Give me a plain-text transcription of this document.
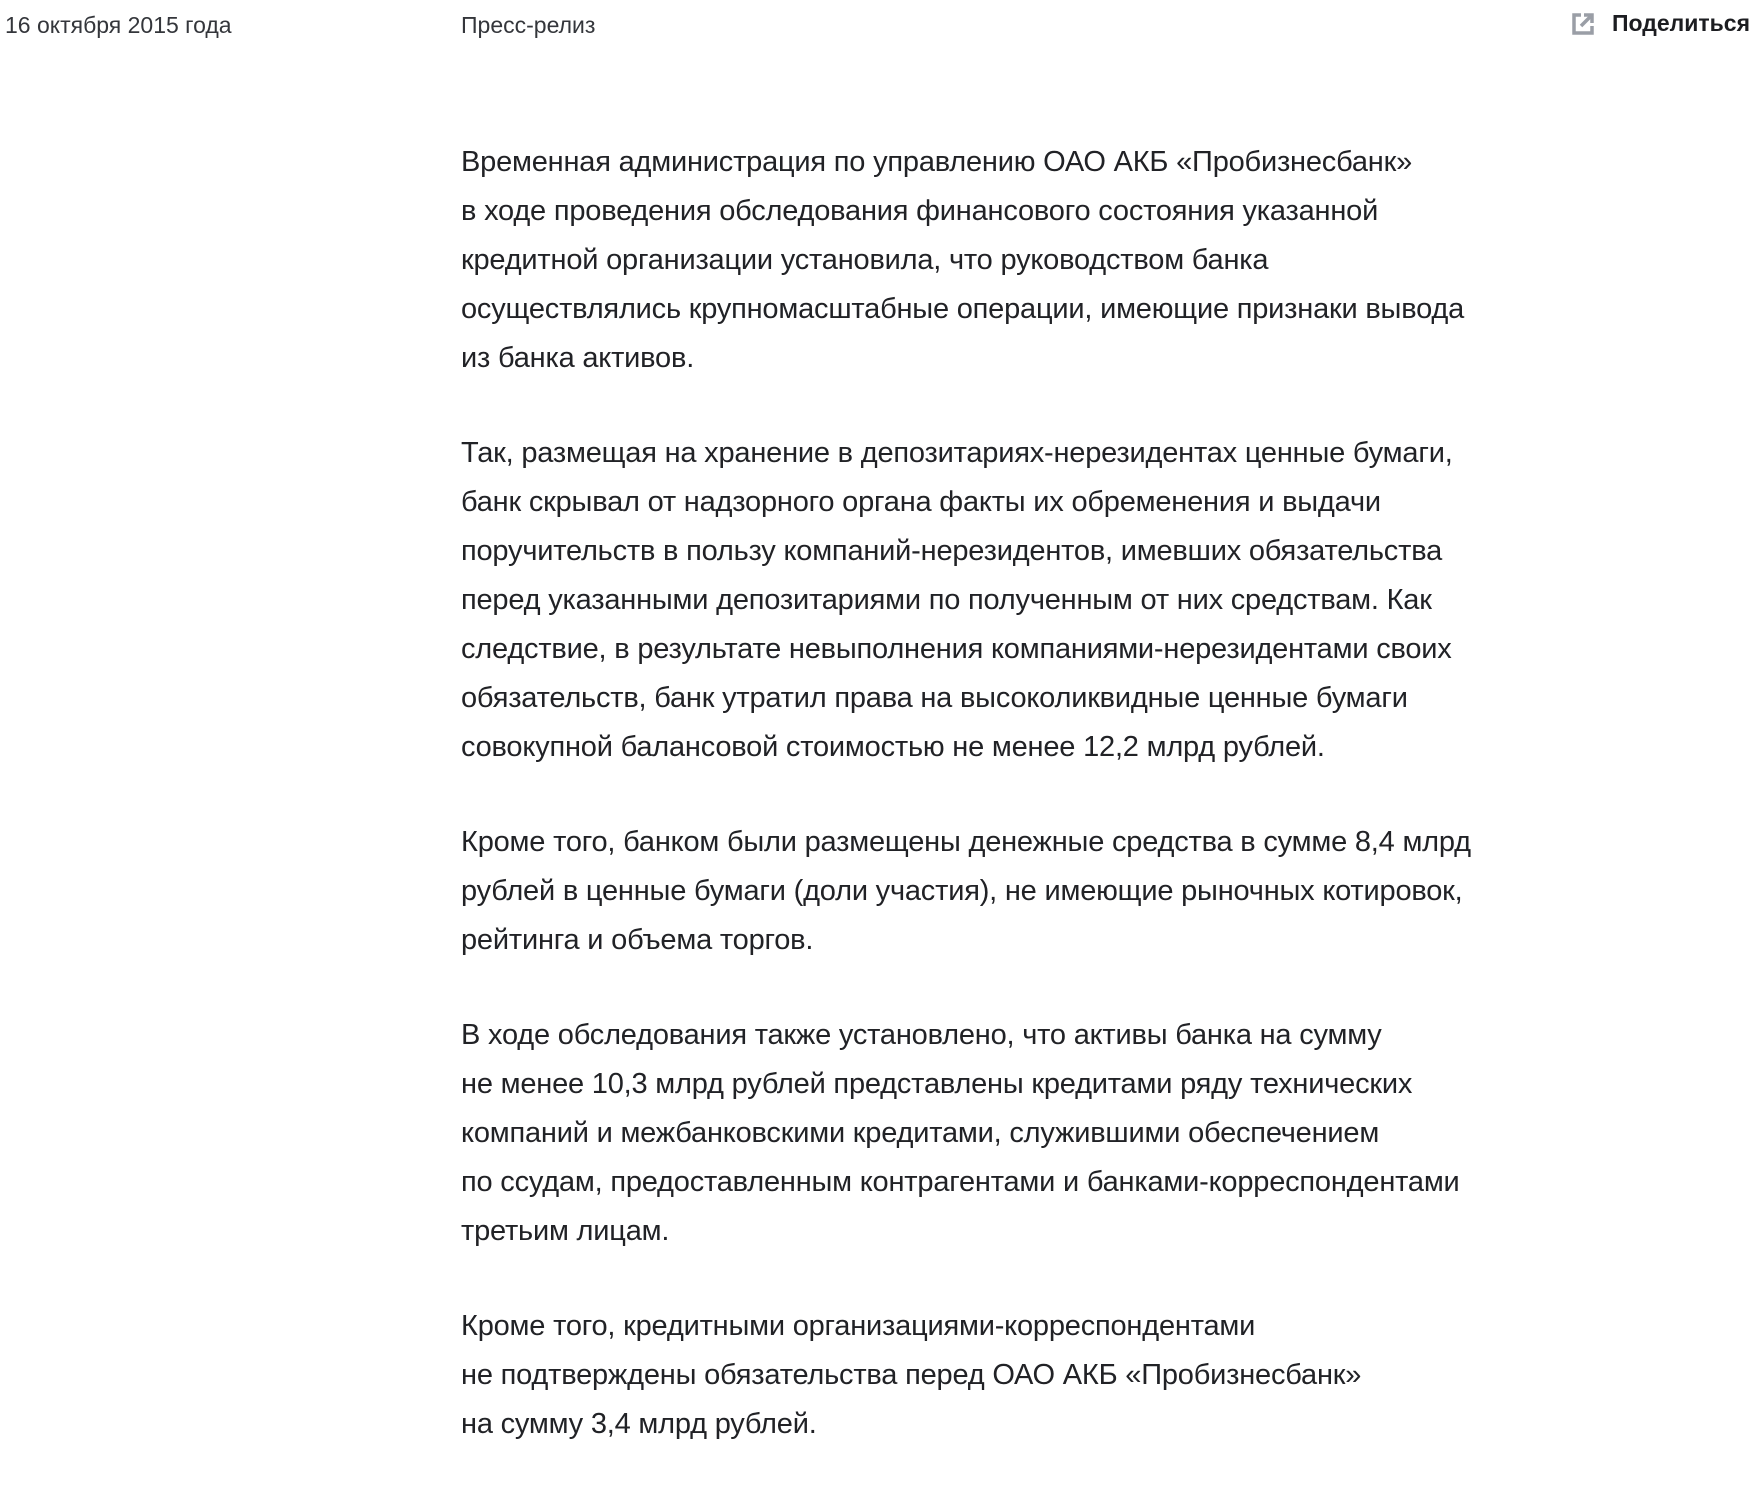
16 октября 2015 года	Пресс-релиз	Поделиться

Временная администрация по управлению ОАО АКБ «Пробизнесбанк»
в ходе проведения обследования финансового состояния указанной
кредитной организации установила, что руководством банка
осуществлялись крупномасштабные операции, имеющие признаки вывода
из банка активов.

Так, размещая на хранение в депозитариях-нерезидентах ценные бумаги,
банк скрывал от надзорного органа факты их обременения и выдачи
поручительств в пользу компаний-нерезидентов, имевших обязательства
перед указанными депозитариями по полученным от них средствам. Как
следствие, в результате невыполнения компаниями-нерезидентами своих
обязательств, банк утратил права на высоколиквидные ценные бумаги
совокупной балансовой стоимостью не менее 12,2 млрд рублей.

Кроме того, банком были размещены денежные средства в сумме 8,4 млрд
рублей в ценные бумаги (доли участия), не имеющие рыночных котировок,
рейтинга и объема торгов.

В ходе обследования также установлено, что активы банка на сумму
не менее 10,3 млрд рублей представлены кредитами ряду технических
компаний и межбанковскими кредитами, служившими обеспечением
по ссудам, предоставленным контрагентами и банками-корреспондентами
третьим лицам.

Кроме того, кредитными организациями-корреспондентами
не подтверждены обязательства перед ОАО АКБ «Пробизнесбанк»
на сумму 3,4 млрд рублей.
